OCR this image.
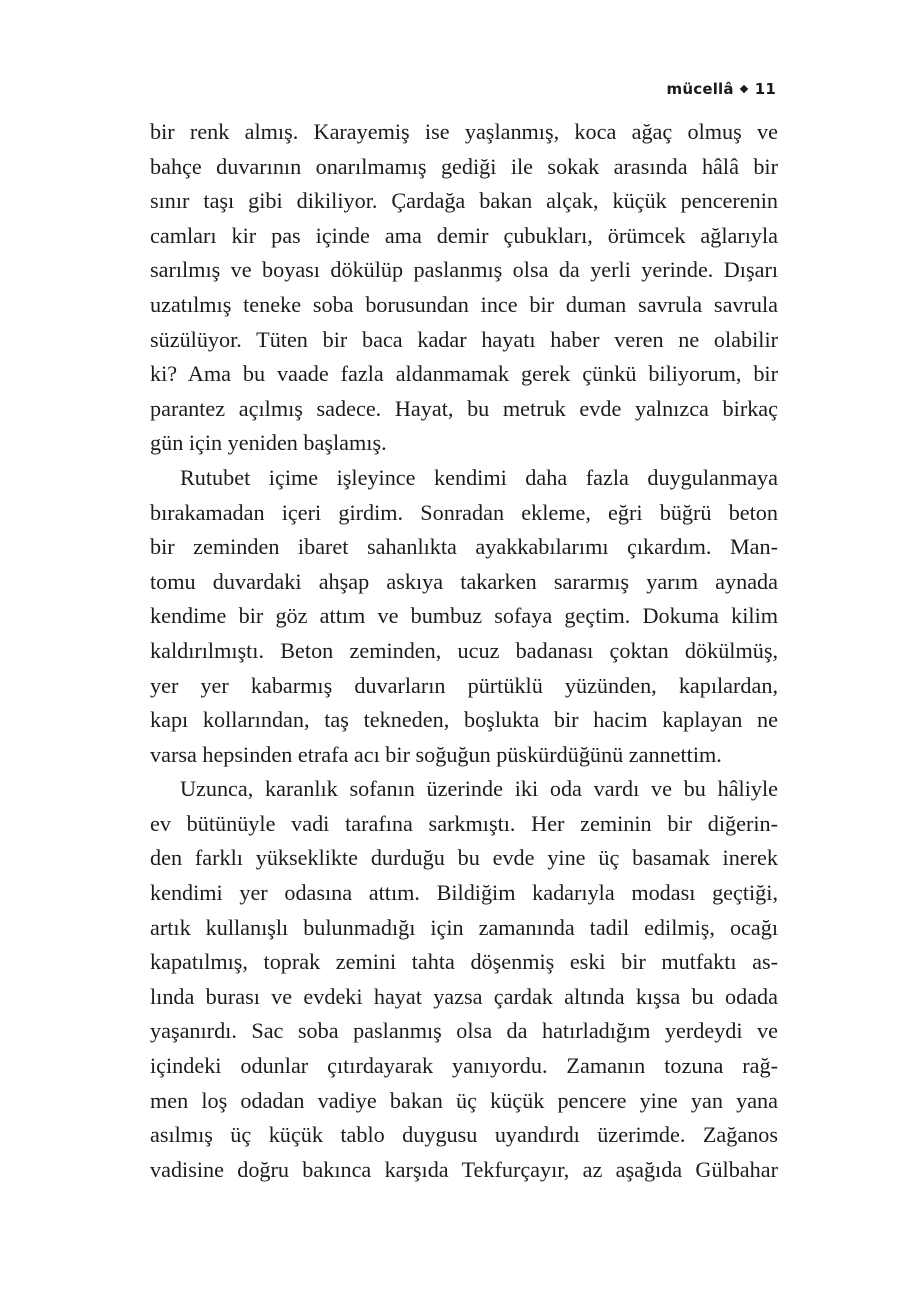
mücellâ 11
bir renk almış. Karayemiş ise yaşlanmış, koca ağaç olmuş ve
bahçe duvarının onarılmamış gediği ile sokak arasında hâlâ bir
sınır taşı gibi dikiliyor. Çardağa bakan alçak, küçük pencerenin
camları kir pas içinde ama demir çubukları, örümcek ağlarıyla
sarılmış ve boyası dökülüp paslanmış olsa da yerli yerinde. Dışarı
uzatılmış teneke soba borusundan ince bir duman savrula savrula
süzülüyor. Tüten bir baca kadar hayatı haber veren ne olabilir
ki? Ama bu vaade fazla aldanmamak gerek çünkü biliyorum, bir
parantez açılmış sadece. Hayat, bu metruk evde yalnızca birkaç
gün için yeniden başlamış.
Rutubet içime işleyince kendimi daha fazla duygulanmaya
bırakamadan içeri girdim. Sonradan ekleme, eğri büğrü beton
bir zeminden ibaret sahanlıkta ayakkabılarımı çıkardım. Man-
tomu duvardaki ahşap askıya takarken sararmış yarım aynada
kendime bir göz attım ve bumbuz sofaya geçtim. Dokuma kilim
kaldırılmıştı. Beton zeminden, ucuz badanası çoktan dökülmüş,
yer yer kabarmış duvarların pürtüklü yüzünden, kapılardan,
kapı kollarından, taş tekneden, boşlukta bir hacim kaplayan ne
varsa hepsinden etrafa acı bir soğuğun püskürdüğünü zannettim.
Uzunca, karanlık sofanın üzerinde iki oda vardı ve bu hâliyle
ev bütünüyle vadi tarafına sarkmıştı. Her zeminin bir diğerin-
den farklı yükseklikte durduğu bu evde yine üç basamak inerek
kendimi yer odasına attım. Bildiğim kadarıyla modası geçtiği,
artık kullanışlı bulunmadığı için zamanında tadil edilmiş, ocağı
kapatılmış, toprak zemini tahta döşenmiş eski bir mutfaktı as-
lında burası ve evdeki hayat yazsa çardak altında kışsa bu odada
yaşanırdı. Sac soba paslanmış olsa da hatırladığım yerdeydi ve
içindeki odunlar çıtırdayarak yanıyordu. Zamanın tozuna rağ-
men loş odadan vadiye bakan üç küçük pencere yine yan yana
asılmış üç küçük tablo duygusu uyandırdı üzerimde. Zağanos
vadisine doğru bakınca karşıda Tekfurçayır, az aşağıda Gülbahar
